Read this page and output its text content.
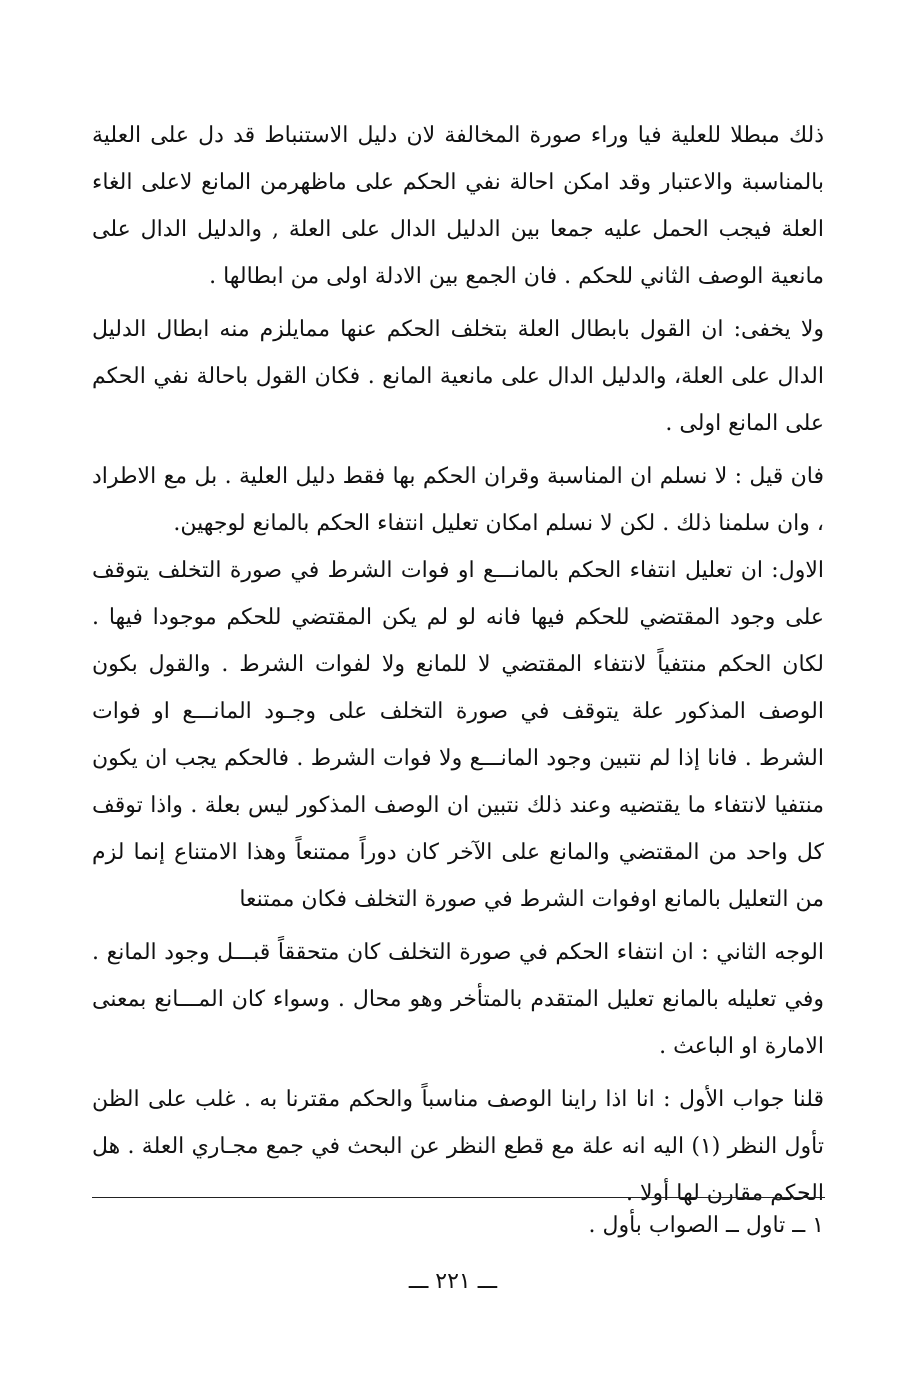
ذلك مبطلا للعلية فيا وراء صورة المخالفة لان دليل الاستنباط قد دل على العلية بالمناسبة والاعتبار وقد امكن احالة نفي الحكم على ماظهرمن المانع لاعلى الغاء العلة فيجب الحمل عليه جمعا بين الدليل الدال على العلة , والدليل الدال على مانعية الوصف الثاني للحكم . فان الجمع بين الادلة اولى من ابطالها .

ولا يخفى: ان القول بابطال العلة بتخلف الحكم عنها ممايلزم منه ابطال الدليل الدال على العلة، والدليل الدال على مانعية المانع . فكان القول باحالة نفي الحكم على المانع اولى .

فان قيل : لا نسلم ان المناسبة وقران الحكم بها فقط دليل العلية . بل مع الاطراد ، وان سلمنا ذلك . لكن لا نسلم امكان تعليل انتفاء الحكم بالمانع لوجهين.

الاول: ان تعليل انتفاء الحكم بالمانـــع او فوات الشرط في صورة التخلف يتوقف على وجود المقتضي للحكم فيها فانه لو لم يكن المقتضي للحكم موجودا فيها . لكان الحكم منتفياً لانتفاء المقتضي لا للمانع ولا لفوات الشرط . والقول بكون الوصف المذكور علة يتوقف في صورة التخلف على وجـود المانـــع او فوات الشرط . فانا إذا لم نتبين وجود المانـــع ولا فوات الشرط . فالحكم يجب ان يكون منتفيا لانتفاء ما يقتضيه وعند ذلك نتبين ان الوصف المذكور ليس بعلة . واذا توقف كل واحد من المقتضي والمانع على الآخر كان دوراً ممتنعاً وهذا الامتناع إنما لزم من التعليل بالمانع اوفوات الشرط في صورة التخلف فكان ممتنعا

الوجه الثاني : ان انتفاء الحكم في صورة التخلف كان متحققاً قبـــل وجود المانع . وفي تعليله بالمانع تعليل المتقدم بالمتأخر وهو محال . وسواء كان المـــانع بمعنى الامارة او الباعث .

قلنا جواب الأول : انا اذا راينا الوصف مناسباً والحكم مقترنا به . غلب على الظن تأول النظر (١) اليه انه علة مع قطع النظر عن البحث في جمع مجـاري العلة . هل الحكم مقارن لها أولا .

١ ــ تاول ــ الصواب بأول .
ـــ ٢٢١ ـــ
